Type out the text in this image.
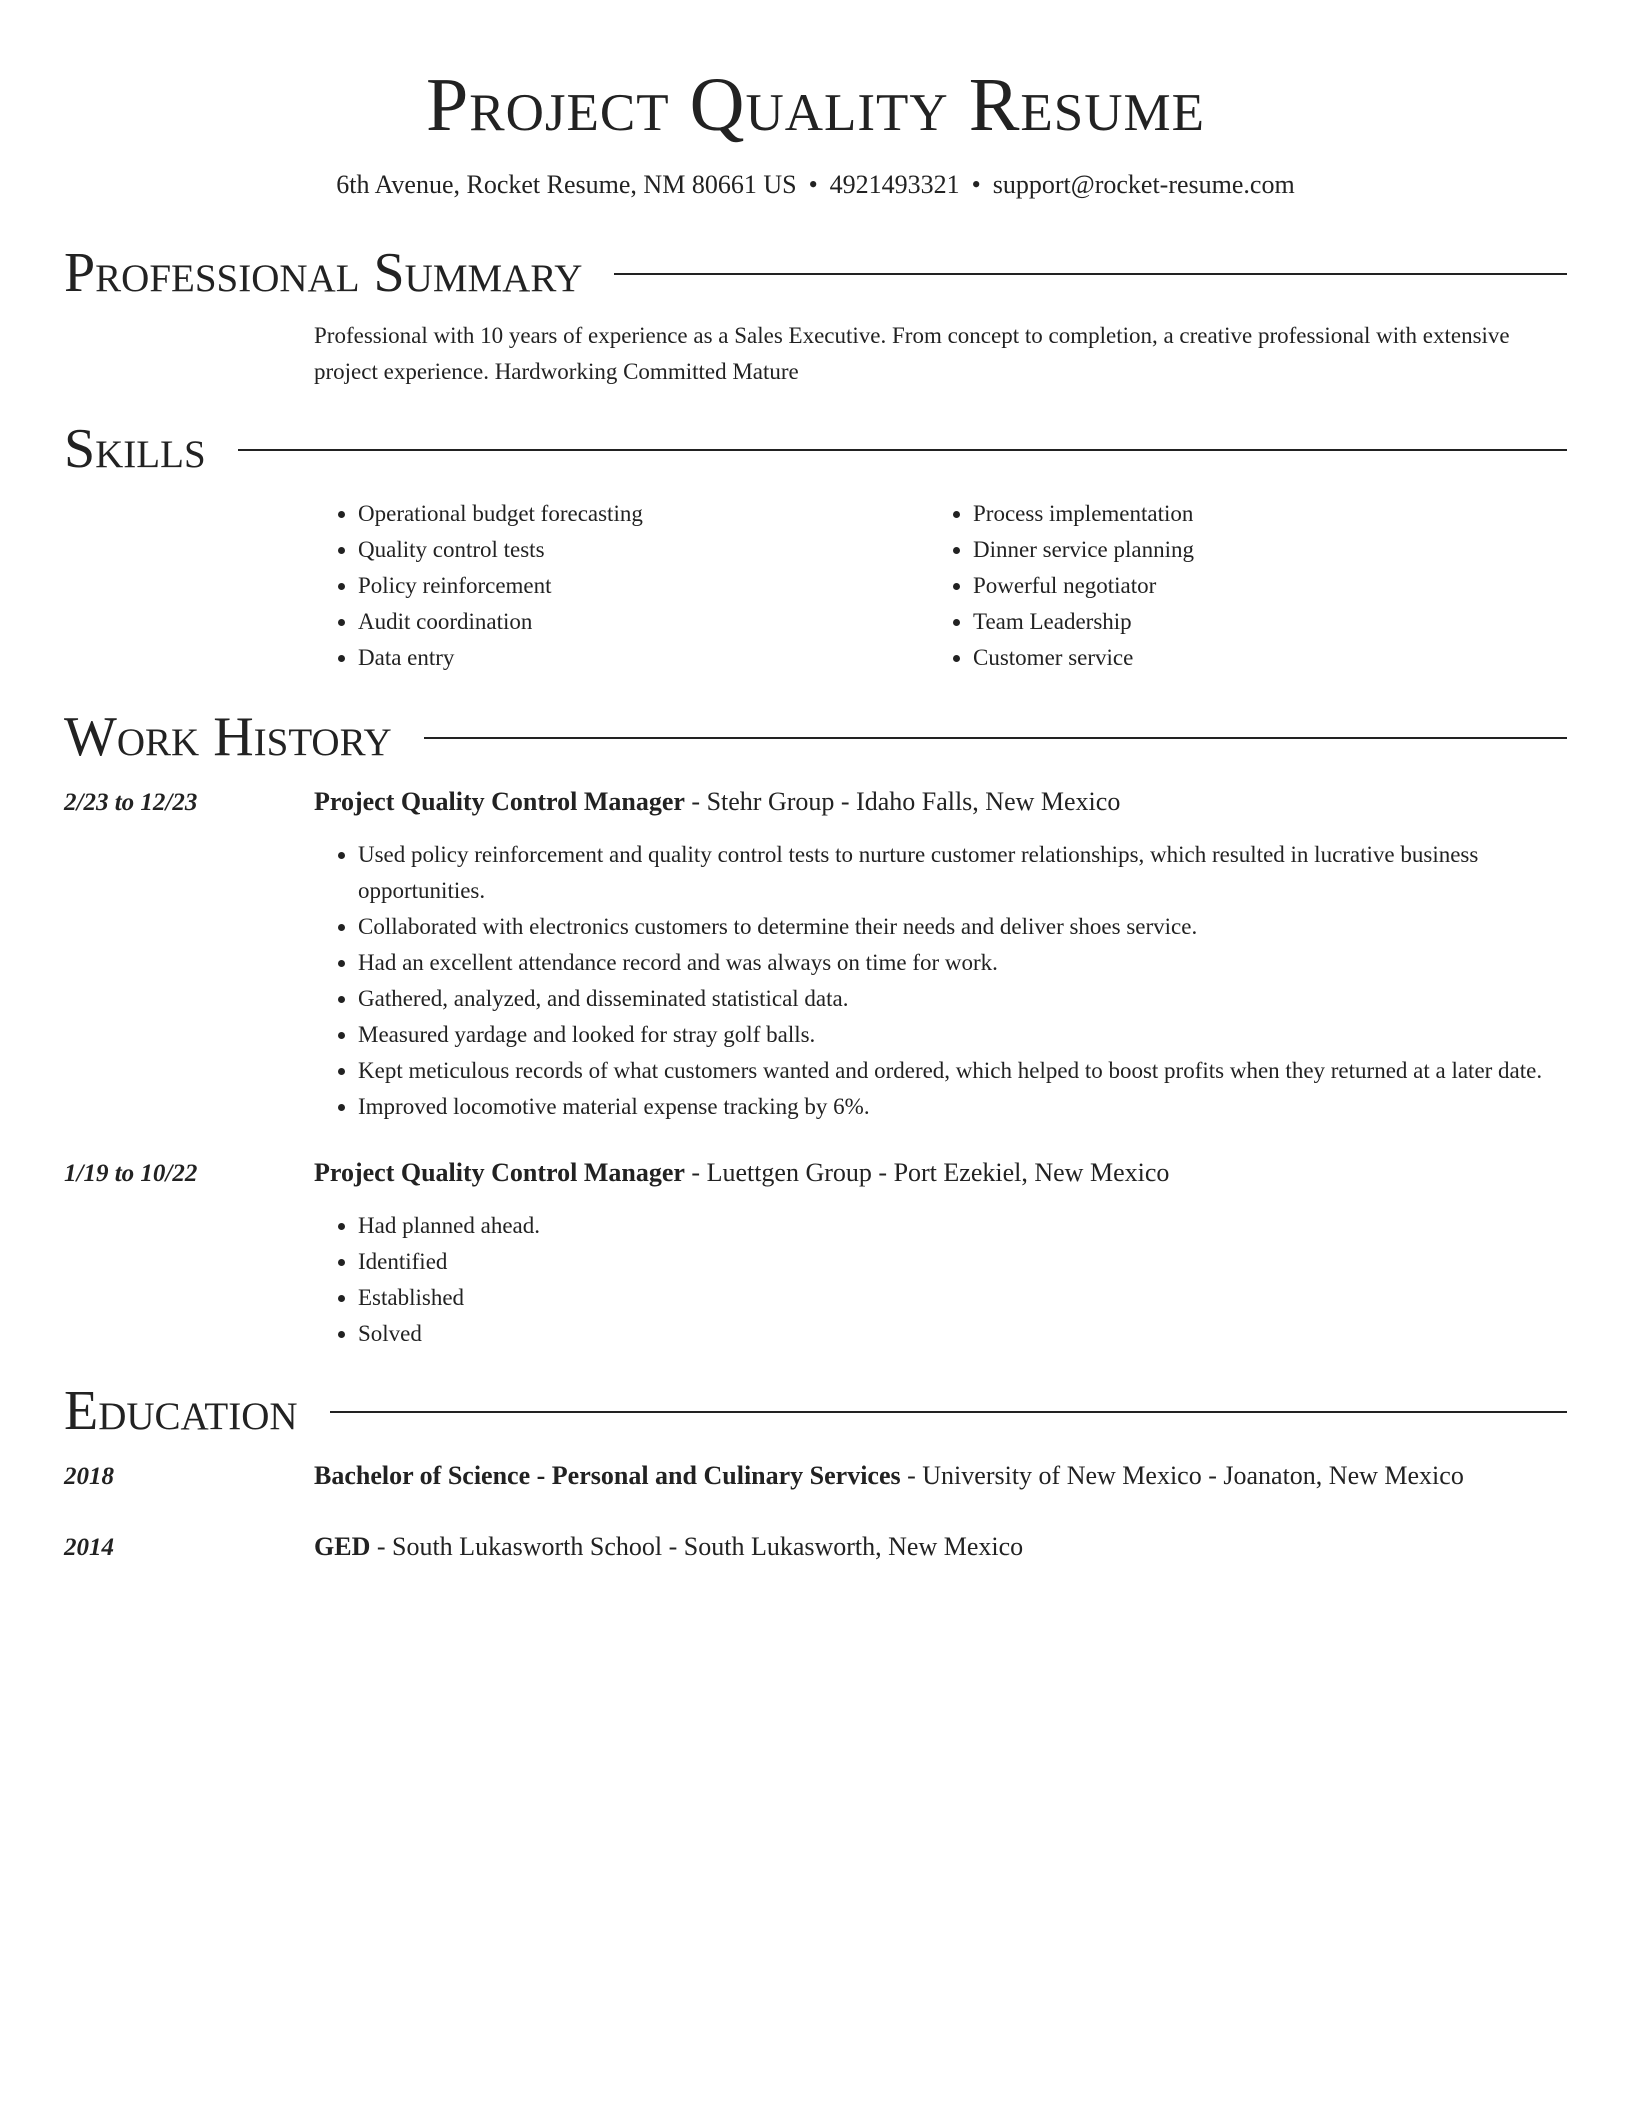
Project Quality Resume
6th Avenue, Rocket Resume, NM 80661 US • 4921493321 • support@rocket-resume.com
Professional Summary
Professional with 10 years of experience as a Sales Executive. From concept to completion, a creative professional with extensive project experience. Hardworking Committed Mature
Skills
• Operational budget forecasting
• Quality control tests
• Policy reinforcement
• Audit coordination
• Data entry
• Process implementation
• Dinner service planning
• Powerful negotiator
• Team Leadership
• Customer service
Work History
2/23 to 12/23	Project Quality Control Manager - Stehr Group - Idaho Falls, New Mexico
• Used policy reinforcement and quality control tests to nurture customer relationships, which resulted in lucrative business opportunities.
• Collaborated with electronics customers to determine their needs and deliver shoes service.
• Had an excellent attendance record and was always on time for work.
• Gathered, analyzed, and disseminated statistical data.
• Measured yardage and looked for stray golf balls.
• Kept meticulous records of what customers wanted and ordered, which helped to boost profits when they returned at a later date.
• Improved locomotive material expense tracking by 6%.
1/19 to 10/22	Project Quality Control Manager - Luettgen Group - Port Ezekiel, New Mexico
• Had planned ahead.
• Identified
• Established
• Solved
Education
2018	Bachelor of Science - Personal and Culinary Services - University of New Mexico - Joanaton, New Mexico
2014	GED - South Lukasworth School - South Lukasworth, New Mexico
